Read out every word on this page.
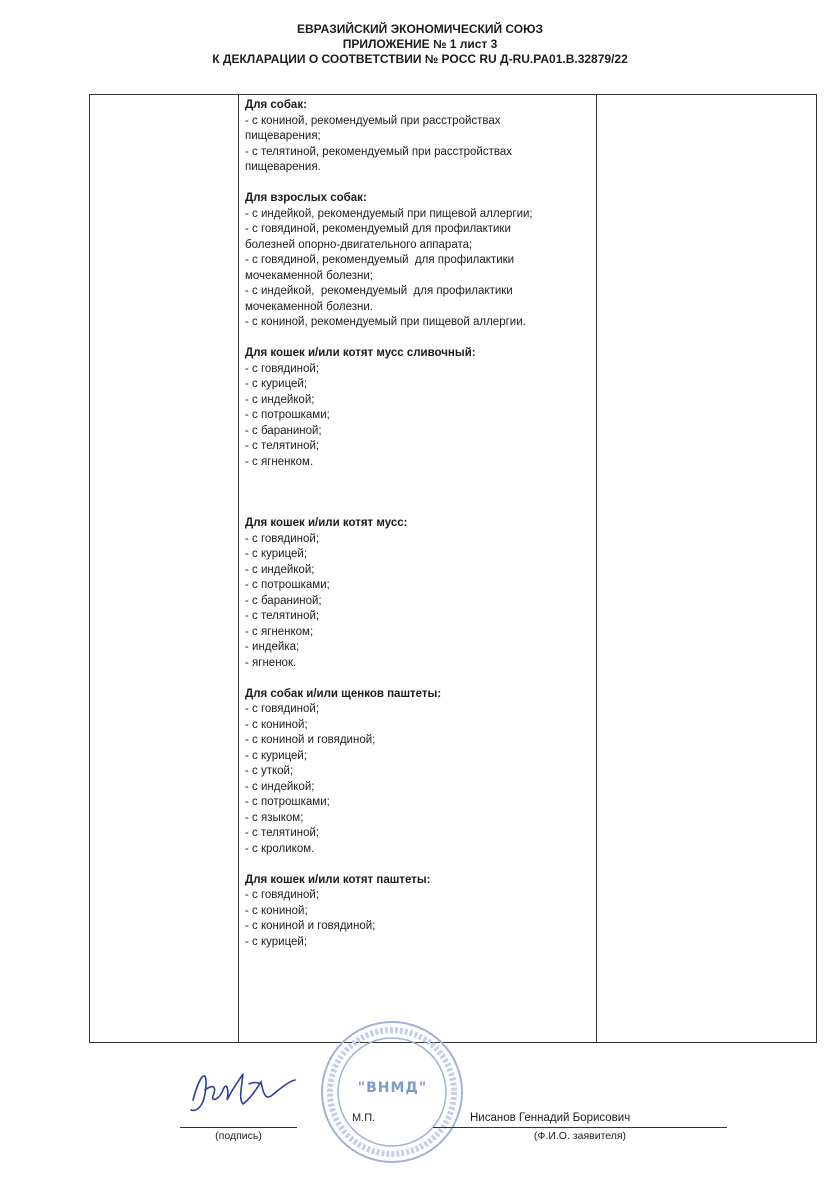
ЕВРАЗИЙСКИЙ ЭКОНОМИЧЕСКИЙ СОЮЗ
ПРИЛОЖЕНИЕ № 1 лист 3
К ДЕКЛАРАЦИИ О СООТВЕТСТВИИ № РОСС RU Д-RU.PA01.B.32879/22
Для собак:
- с кониной, рекомендуемый при расстройствах
пищеварения;
- с телятиной, рекомендуемый при расстройствах
пищеварения.
Для взрослых собак:
- с индейкой, рекомендуемый при пищевой аллергии;
- с говядиной, рекомендуемый для профилактики
болезней опорно-двигательного аппарата;
- с говядиной, рекомендуемый  для профилактики
мочекаменной болезни;
- с индейкой,  рекомендуемый  для профилактики
мочекаменной болезни.
- с кониной, рекомендуемый при пищевой аллергии.
Для кошек и/или котят мусс сливочный:
- с говядиной;
- с курицей;
- с индейкой;
- с потрошками;
- с бараниной;
- с телятиной;
- с ягненком.
Для кошек и/или котят мусс:
- с говядиной;
- с курицей;
- с индейкой;
- с потрошками;
- с бараниной;
- с телятиной;
- с ягненком;
- индейка;
- ягненок.
Для собак и/или щенков паштеты:
- с говядиной;
- с кониной;
- с кониной и говядиной;
- с курицей;
- с уткой;
- с индейкой;
- с потрошками;
- с языком;
- с телятиной;
- с кроликом.
Для кошек и/или котят паштеты:
- с говядиной;
- с кониной;
- с кониной и говядиной;
- с курицей;
"ВНМД"
(подпись)
М.П.	Нисанов Геннадий Борисович
(Ф.И.О. заявителя)
